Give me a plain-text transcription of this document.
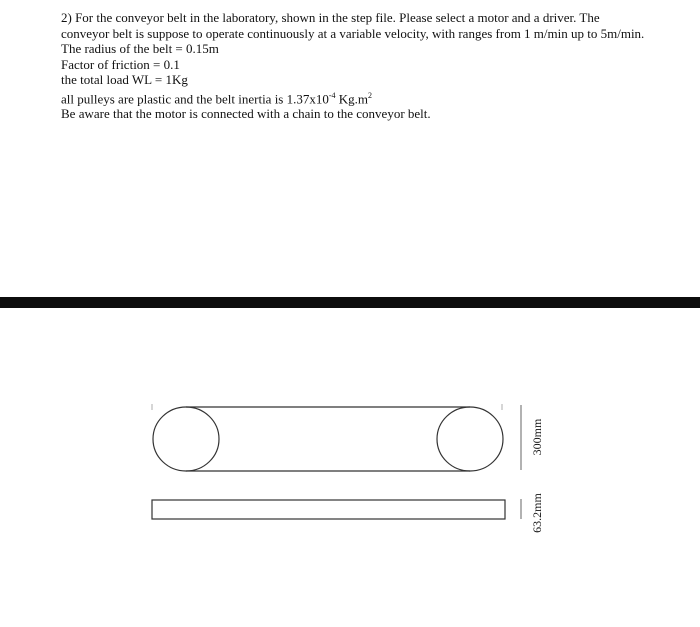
2) For the conveyor belt in the laboratory, shown in the step file. Please select a motor and a driver. The conveyor belt is suppose to operate continuously at a variable velocity, with ranges from 1 m/min up to 5m/min.

The radius of the belt = 0.15m

Factor of friction = 0.1

the total load WL = 1Kg

all pulleys are plastic and the belt inertia is $1.37x10^{-4}$ $Kg.m^2$

Be aware that the motor is connected with a chain to the conveyor belt.

300mm
63.2mm
